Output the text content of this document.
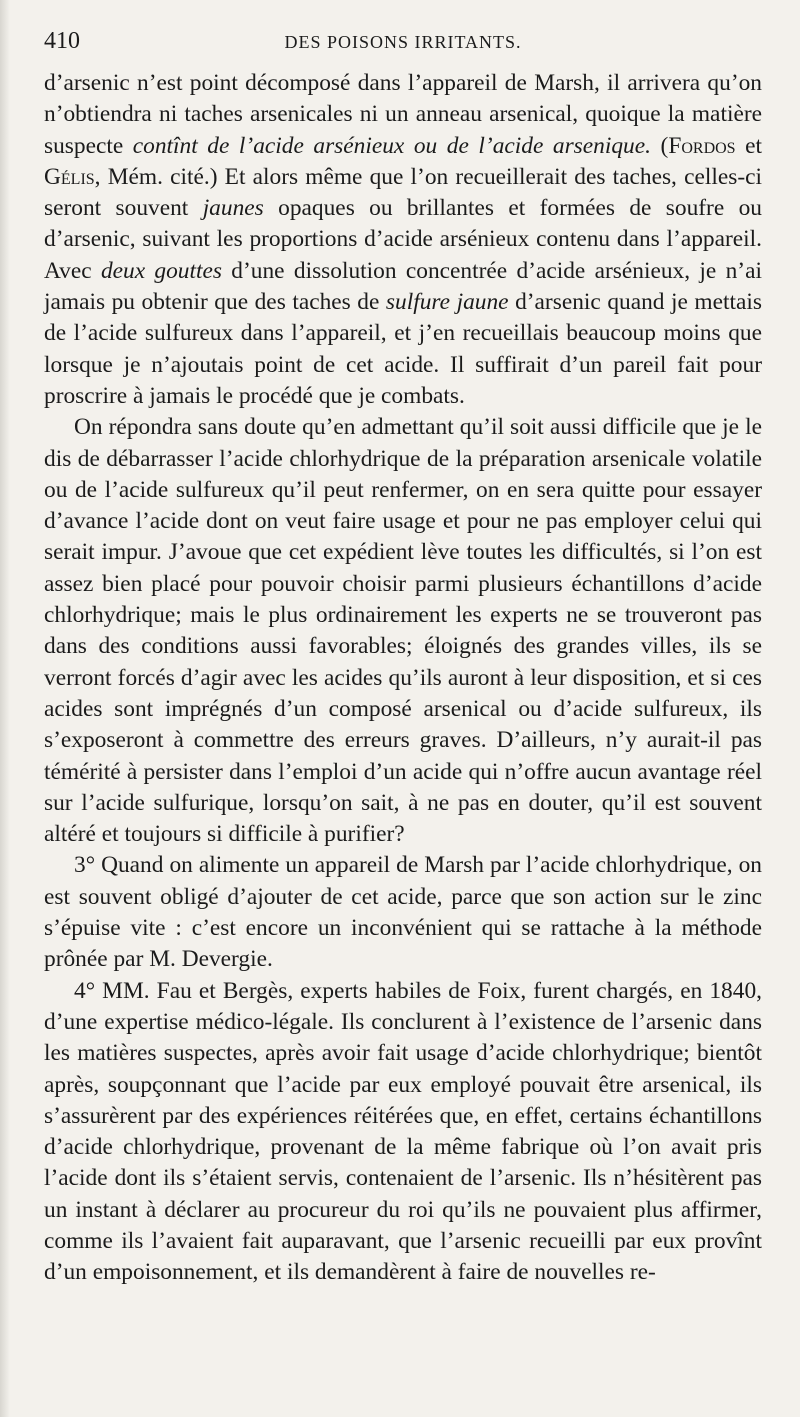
410	DES POISONS IRRITANTS.

d’arsenic n’est point décomposé dans l’appareil de Marsh, il arrivera qu’on n’obtiendra ni taches arsenicales ni un anneau arsenical, quoique la matière suspecte contînt de l’acide arsénieux ou de l’acide arsenique. (Fordos et Gélis, Mém. cité.) Et alors même que l’on recueillerait des taches, celles-ci seront souvent jaunes opaques ou brillantes et formées de soufre ou d’arsenic, suivant les proportions d’acide arsénieux contenu dans l’appareil. Avec deux gouttes d’une dissolution concentrée d’acide arsénieux, je n’ai jamais pu obtenir que des taches de sulfure jaune d’arsenic quand je mettais de l’acide sulfureux dans l’appareil, et j’en recueillais beaucoup moins que lorsque je n’ajoutais point de cet acide. Il suffirait d’un pareil fait pour proscrire à jamais le procédé que je combats.

On répondra sans doute qu’en admettant qu’il soit aussi difficile que je le dis de débarrasser l’acide chlorhydrique de la préparation arsenicale volatile ou de l’acide sulfureux qu’il peut renfermer, on en sera quitte pour essayer d’avance l’acide dont on veut faire usage et pour ne pas employer celui qui serait impur. J’avoue que cet expédient lève toutes les difficultés, si l’on est assez bien placé pour pouvoir choisir parmi plusieurs échantillons d’acide chlorhydrique; mais le plus ordinairement les experts ne se trouveront pas dans des conditions aussi favorables; éloignés des grandes villes, ils se verront forcés d’agir avec les acides qu’ils auront à leur disposition, et si ces acides sont imprégnés d’un composé arsenical ou d’acide sulfureux, ils s’exposeront à commettre des erreurs graves. D’ailleurs, n’y aurait-il pas témérité à persister dans l’emploi d’un acide qui n’offre aucun avantage réel sur l’acide sulfurique, lorsqu’on sait, à ne pas en douter, qu’il est souvent altéré et toujours si difficile à purifier?

3° Quand on alimente un appareil de Marsh par l’acide chlorhydrique, on est souvent obligé d’ajouter de cet acide, parce que son action sur le zinc s’épuise vite : c’est encore un inconvénient qui se rattache à la méthode prônée par M. Devergie.

4° MM. Fau et Bergès, experts habiles de Foix, furent chargés, en 1840, d’une expertise médico-légale. Ils conclurent à l’existence de l’arsenic dans les matières suspectes, après avoir fait usage d’acide chlorhydrique; bientôt après, soupçonnant que l’acide par eux employé pouvait être arsenical, ils s’assurèrent par des expériences réitérées que, en effet, certains échantillons d’acide chlorhydrique, provenant de la même fabrique où l’on avait pris l’acide dont ils s’étaient servis, contenaient de l’arsenic. Ils n’hésitèrent pas un instant à déclarer au procureur du roi qu’ils ne pouvaient plus affirmer, comme ils l’avaient fait auparavant, que l’arsenic recueilli par eux provînt d’un empoisonnement, et ils demandèrent à faire de nouvelles re-
